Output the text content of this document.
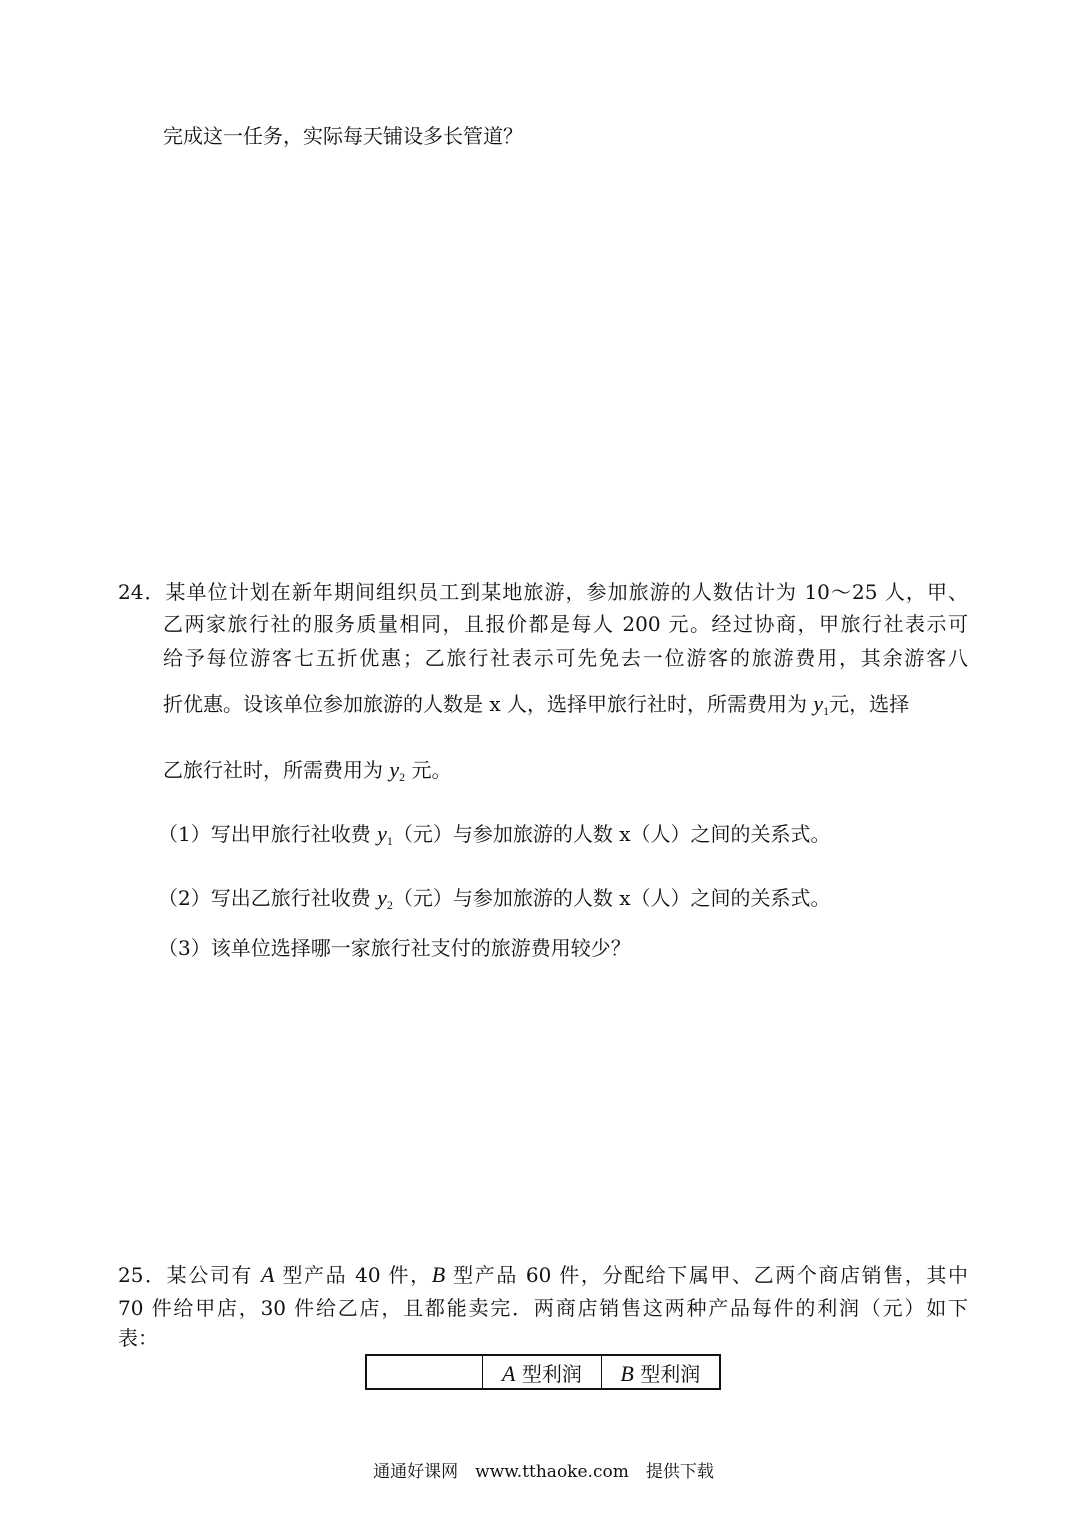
完成这一任务，实际每天铺设多长管道？
24．某单位计划在新年期间组织员工到某地旅游，参加旅游的人数估计为 10～25 人，甲、
乙两家旅行社的服务质量相同，且报价都是每人 200 元。经过协商，甲旅行社表示可
给予每位游客七五折优惠；乙旅行社表示可先免去一位游客的旅游费用，其余游客八
折优惠。设该单位参加旅游的人数是 x 人，选择甲旅行社时，所需费用为 $y_1$元，选择
乙旅行社时，所需费用为 $y_2$ 元。
（1）写出甲旅行社收费 $y_1$（元）与参加旅游的人数 x（人）之间的关系式。
（2）写出乙旅行社收费 $y_2$（元）与参加旅游的人数 x（人）之间的关系式。
（3）该单位选择哪一家旅行社支付的旅游费用较少？
25．某公司有 A 型产品 40 件，B 型产品 60 件，分配给下属甲、乙两个商店销售，其中
70 件给甲店，30 件给乙店，且都能卖完．两商店销售这两种产品每件的利润（元）如下
表：
	A 型利润	B 型利润
通通好课网　www.tthaoke.com　提供下载
